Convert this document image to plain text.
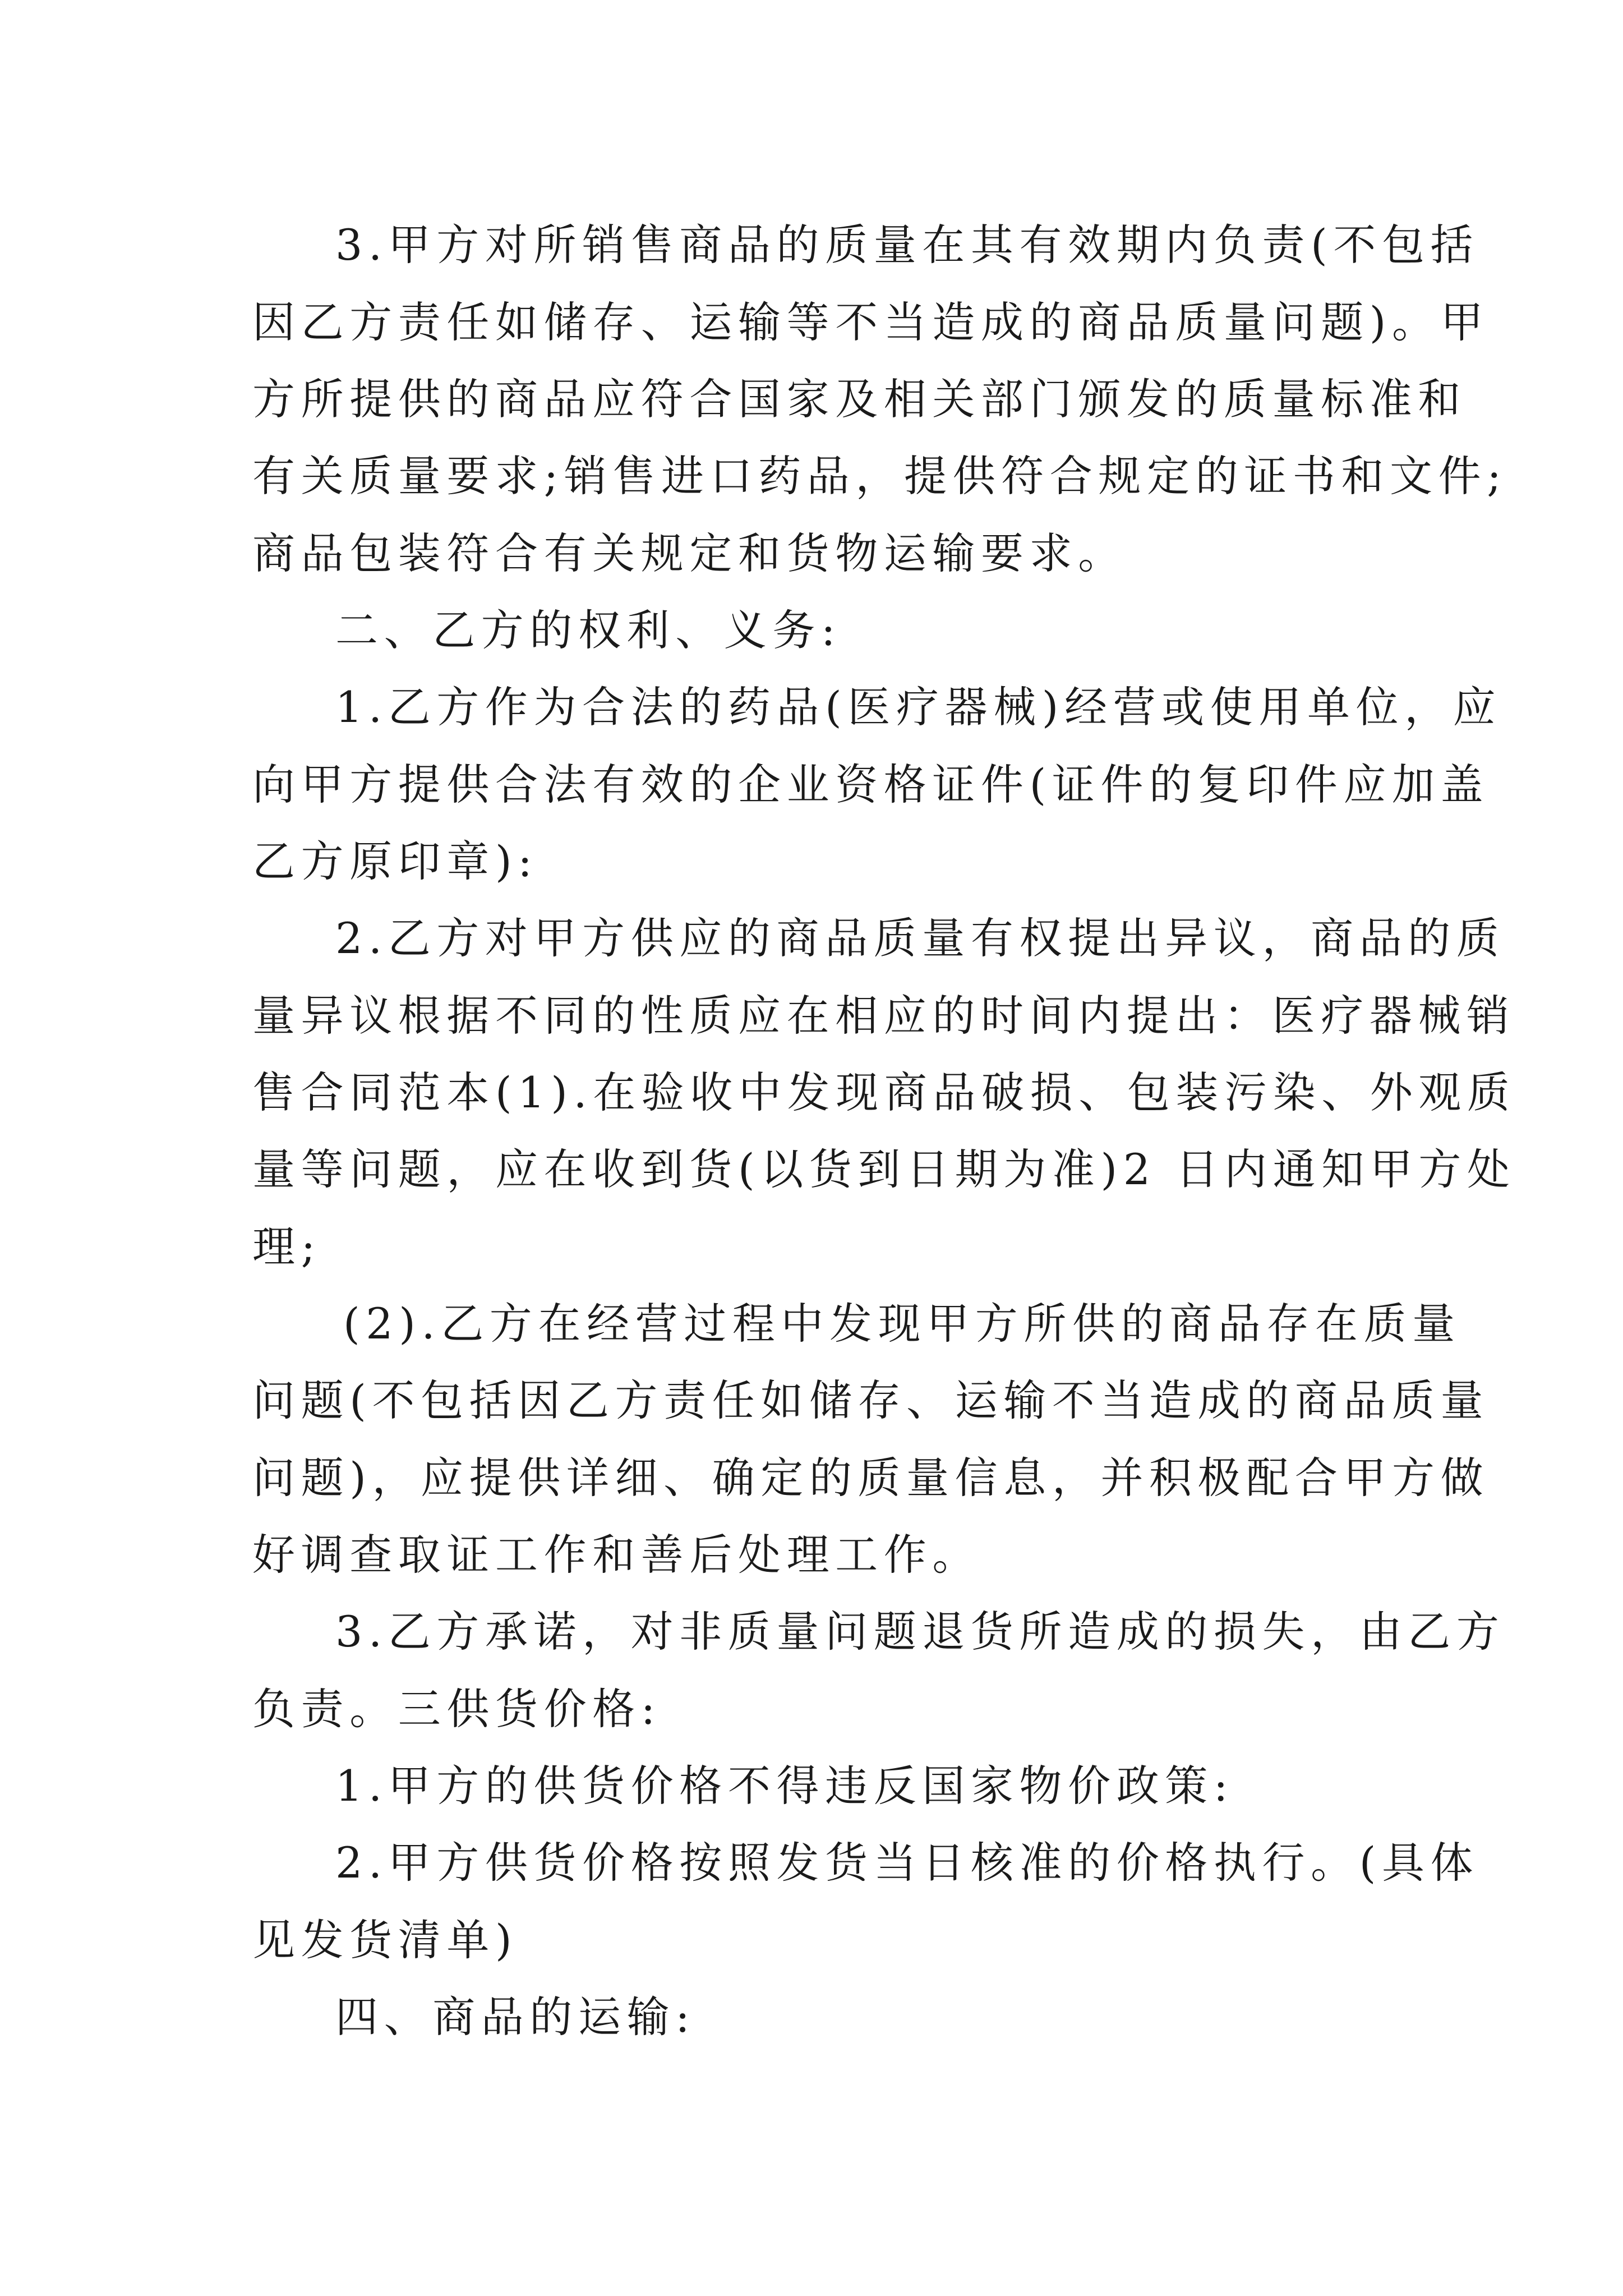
3.甲方对所销售商品的质量在其有效期内负责(不包括
因乙方责任如储存、运输等不当造成的商品质量问题)。甲
方所提供的商品应符合国家及相关部门颁发的质量标准和
有关质量要求;销售进口药品，提供符合规定的证书和文件;
商品包装符合有关规定和货物运输要求。
二、乙方的权利、义务:
1.乙方作为合法的药品(医疗器械)经营或使用单位，应
向甲方提供合法有效的企业资格证件(证件的复印件应加盖
乙方原印章):
2.乙方对甲方供应的商品质量有权提出异议，商品的质
量异议根据不同的性质应在相应的时间内提出：医疗器械销
售合同范本(1).在验收中发现商品破损、包装污染、外观质
量等问题，应在收到货(以货到日期为准)2 日内通知甲方处
理;
(2).乙方在经营过程中发现甲方所供的商品存在质量
问题(不包括因乙方责任如储存、运输不当造成的商品质量
问题)，应提供详细、确定的质量信息，并积极配合甲方做
好调查取证工作和善后处理工作。
3.乙方承诺，对非质量问题退货所造成的损失，由乙方
负责。三供货价格:
1.甲方的供货价格不得违反国家物价政策:
2.甲方供货价格按照发货当日核准的价格执行。(具体
见发货清单)
四、商品的运输:
